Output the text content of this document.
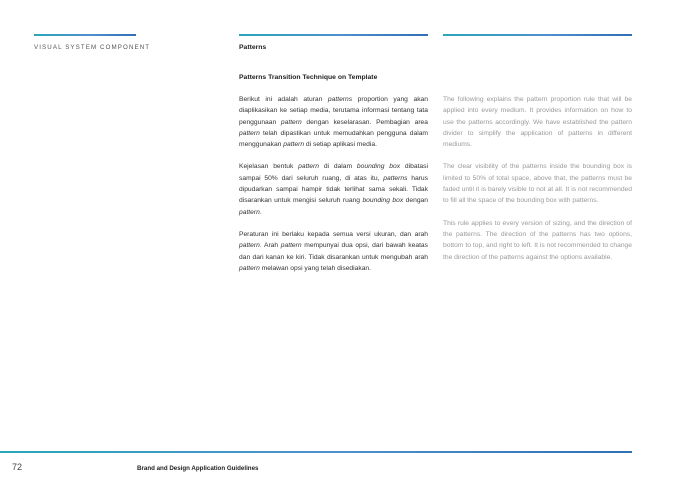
VISUAL SYSTEM COMPONENT	Patterns
Patterns Transition Technique on Template

Berikut ini adalah aturan patterns proportion yang akan diaplikasikan ke setiap media, terutama informasi tentang tata penggunaan pattern dengan keselarasan. Pembagian area pattern telah dipastikan untuk memudahkan pengguna dalam menggunakan pattern di setiap aplikasi media.

Kejelasan bentuk pattern di dalam bounding box dibatasi sampai 50% dari seluruh ruang, di atas itu, patterns harus dipudarkan sampai hampir tidak terlihat sama sekali. Tidak disarankan untuk mengisi seluruh ruang bounding box dengan pattern.

Peraturan ini berlaku kepada semua versi ukuran, dan arah pattern. Arah pattern mempunyai dua opsi, dari bawah keatas dan dari kanan ke kiri. Tidak disarankan untuk mengubah arah pattern melawan opsi yang telah disediakan.

The following explains the pattern proportion rule that will be applied into every medium. It provides information on how to use the patterns accordingly. We have established the pattern divider to simplify the application of patterns in different mediums.

The clear visibility of the patterns inside the bounding box is limited to 50% of total space, above that, the patterns must be faded until it is barely visible to not at all. It is not recommended to fill all the space of the bounding box with patterns.

This rule applies to every version of sizing, and the direction of the patterns. The direction of the patterns has two options, bottom to top, and right to left. It is not recommended to change the direction of the patterns against the options available.

72	Brand and Design Application Guidelines
